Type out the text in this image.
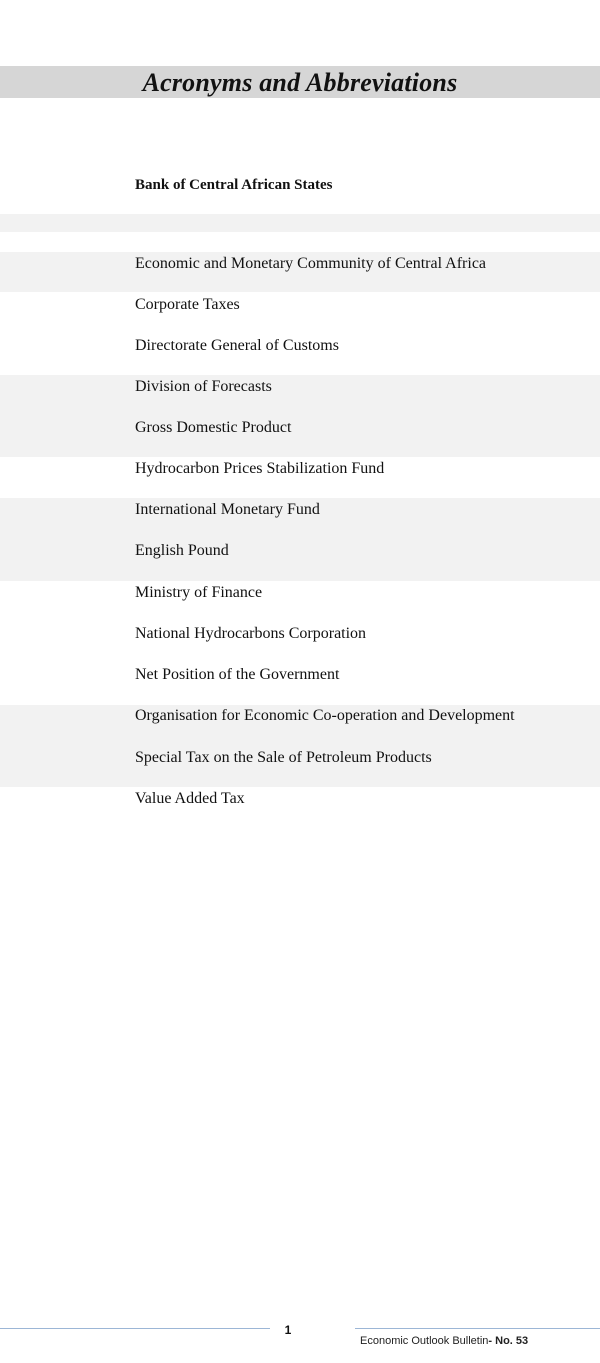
Acronyms and Abbreviations
Bank of Central African States
Economic and Monetary Community of Central Africa
Corporate Taxes
Directorate General of Customs
Division of Forecasts
Gross Domestic Product
Hydrocarbon Prices Stabilization Fund
International Monetary Fund
English Pound
Ministry of Finance
National Hydrocarbons Corporation
Net Position of the Government
Organisation for Economic Co-operation and Development
Special Tax on the Sale of Petroleum Products
Value Added Tax
1
Economic Outlook Bulletin- No. 53
